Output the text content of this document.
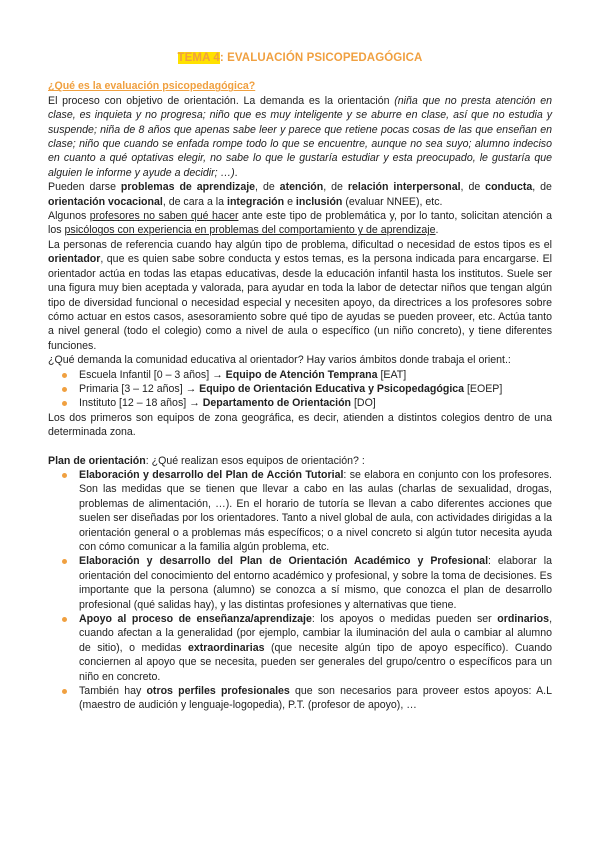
TEMA 4: EVALUACIÓN PSICOPEDAGÓGICA
¿Qué es la evaluación psicopedagógica?

El proceso con objetivo de orientación. La demanda es la orientación (niña que no presta atención en clase, es inquieta y no progresa; niño que es muy inteligente y se aburre en clase, así que no estudia y suspende; niña de 8 años que apenas sabe leer y parece que retiene pocas cosas de las que enseñan en clase; niño que cuando se enfada rompe todo lo que se encuentre, aunque no sea suyo; alumno indeciso en cuanto a qué optativas elegir, no sabe lo que le gustaría estudiar y esta preocupado, le gustaría que alguien le informe y ayude a decidir; …).

Pueden darse problemas de aprendizaje, de atención, de relación interpersonal, de conducta, de orientación vocacional, de cara a la integración e inclusión (evaluar NNEE), etc.

Algunos profesores no saben qué hacer ante este tipo de problemática y, por lo tanto, solicitan atención a los psicólogos con experiencia en problemas del comportamiento y de aprendizaje.

La personas de referencia cuando hay algún tipo de problema, dificultad o necesidad de estos tipos es el orientador, que es quien sabe sobre conducta y estos temas, es la persona indicada para encargarse. El orientador actúa en todas las etapas educativas, desde la educación infantil hasta los institutos. Suele ser una figura muy bien aceptada y valorada, para ayudar en toda la labor de detectar niños que tengan algún tipo de diversidad funcional o necesidad especial y necesiten apoyo, da directrices a los profesores sobre cómo actuar en estos casos, asesoramiento sobre qué tipo de ayudas se pueden proveer, etc. Actúa tanto a nivel general (todo el colegio) como a nivel de aula o específico (un niño concreto), y tiene diferentes funciones.

¿Qué demanda la comunidad educativa al orientador? Hay varios ámbitos donde trabaja el orient.:

Escuela Infantil [0 – 3 años] → Equipo de Atención Temprana [EAT]
Primaria [3 – 12 años] → Equipo de Orientación Educativa y Psicopedagógica [EOEP]
Instituto [12 – 18 años] → Departamento de Orientación [DO]

Los dos primeros son equipos de zona geográfica, es decir, atienden a distintos colegios dentro de una determinada zona.

Plan de orientación: ¿Qué realizan esos equipos de orientación? :

Elaboración y desarrollo del Plan de Acción Tutorial: se elabora en conjunto con los profesores. Son las medidas que se tienen que llevar a cabo en las aulas (charlas de sexualidad, drogas, problemas de alimentación, …). En el horario de tutoría se llevan a cabo diferentes acciones que suelen ser diseñadas por los orientadores. Tanto a nivel global de aula, con actividades dirigidas a la orientación general o a problemas más específicos; o a nivel concreto si algún tutor necesita ayuda con cómo comunicar a la familia algún problema, etc.
Elaboración y desarrollo del Plan de Orientación Académico y Profesional: elaborar la orientación del conocimiento del entorno académico y profesional, y sobre la toma de decisiones. Es importante que la persona (alumno) se conozca a sí mismo, que conozca el plan de desarrollo profesional (qué salidas hay), y las distintas profesiones y alternativas que tiene.
Apoyo al proceso de enseñanza/aprendizaje: los apoyos o medidas pueden ser ordinarios, cuando afectan a la generalidad (por ejemplo, cambiar la iluminación del aula o cambiar al alumno de sitio), o medidas extraordinarias (que necesite algún tipo de apoyo específico). Cuando conciernen al apoyo que se necesita, pueden ser generales del grupo/centro o específicos para un niño en concreto.
También hay otros perfiles profesionales que son necesarios para proveer estos apoyos: A.L (maestro de audición y lenguaje-logopedia), P.T. (profesor de apoyo), …
